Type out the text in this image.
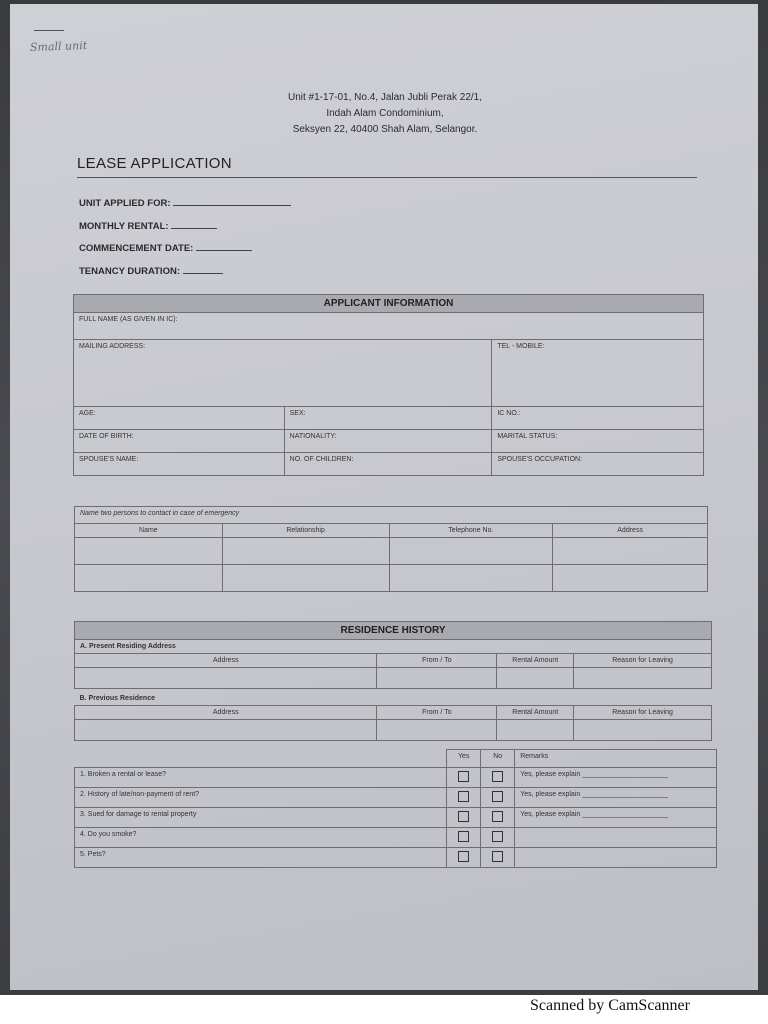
Small unit
Unit #1-17-01, No.4, Jalan Jubli Perak 22/1,
Indah Alam Condominium,
Seksyen 22, 40400 Shah Alam, Selangor.
LEASE APPLICATION
UNIT APPLIED FOR:
MONTHLY RENTAL:
COMMENCEMENT DATE:
TENANCY DURATION:
APPLICANT INFORMATION		
FULL NAME (AS GIVEN IN IC):		
MAILING ADDRESS:		TEL - MOBILE:
AGE:	SEX:	IC NO.:
DATE OF BIRTH:	NATIONALITY:	MARITAL STATUS:
SPOUSE'S NAME:	NO. OF CHILDREN:	SPOUSE'S OCCUPATION:
Name two persons to contact in case of emergency			
Name	Relationship	Telephone No.	Address

RESIDENCE HISTORY			
A. Present Residing Address			
Address	From / To	Rental Amount	Reason for Leaving

B. Previous Residence			
Address	From / To	Rental Amount	Reason for Leaving

	Yes	No	Remarks
1. Broken a rental or lease?			Yes, please explain ______________________
2. History of late/non-payment of rent?			Yes, please explain ______________________
3. Sued for damage to rental property			Yes, please explain ______________________
4. Do you smoke?			
5. Pets?			
Scanned by CamScanner
